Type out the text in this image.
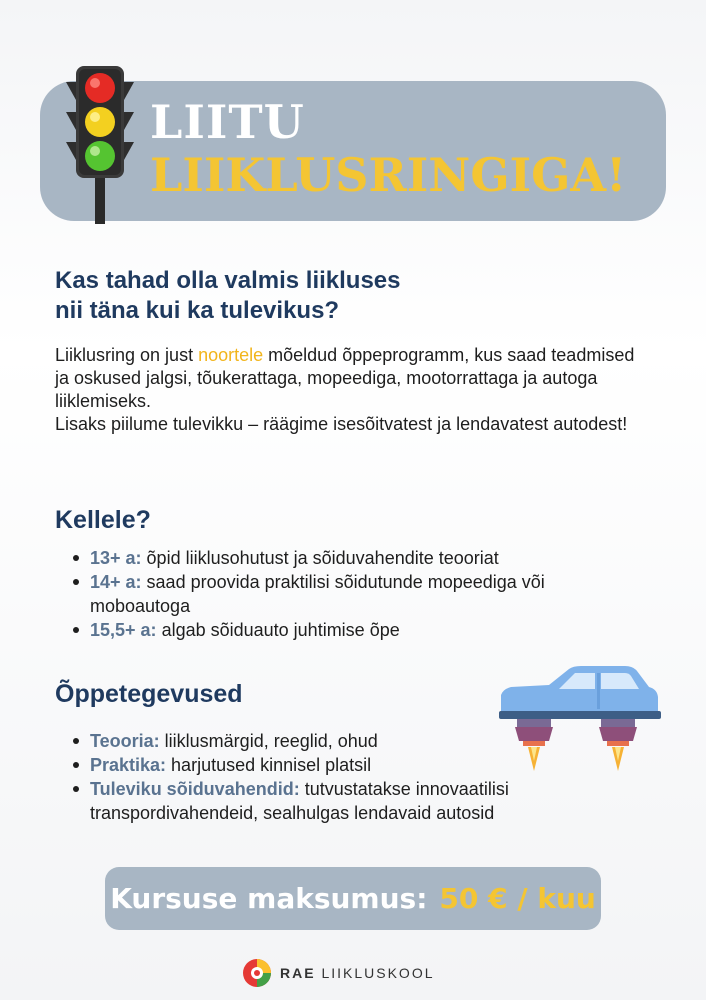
LIITU
LIIKLUSRINGIGA!
Kas tahad olla valmis liikluses
nii täna kui ka tulevikus?
Liiklusring on just noortele mõeldud õppeprogramm, kus saad teadmised ja oskused jalgsi, tõukerattaga, mopeediga, mootorrattaga ja autoga liiklemiseks.
Lisaks piilume tulevikku – räägime isesõitvatest ja lendavatest autodest!
Kellele?
13+ a: õpid liiklusohutust ja sõiduvahendite teooriat
14+ a: saad proovida praktilisi sõidutunde mopeediga või moboautoga
15,5+ a: algab sõiduauto juhtimise õpe
Õppetegevused
Teooria: liiklusmärgid, reeglid, ohud
Praktika: harjutused kinnisel platsil
Tuleviku sõiduvahendid: tutvustatakse innovaatilisi transpordivahendeid, sealhulgas lendavaid autosid
Kursuse maksumus: 50 € / kuu
RAE LIIKLUSKOOL
